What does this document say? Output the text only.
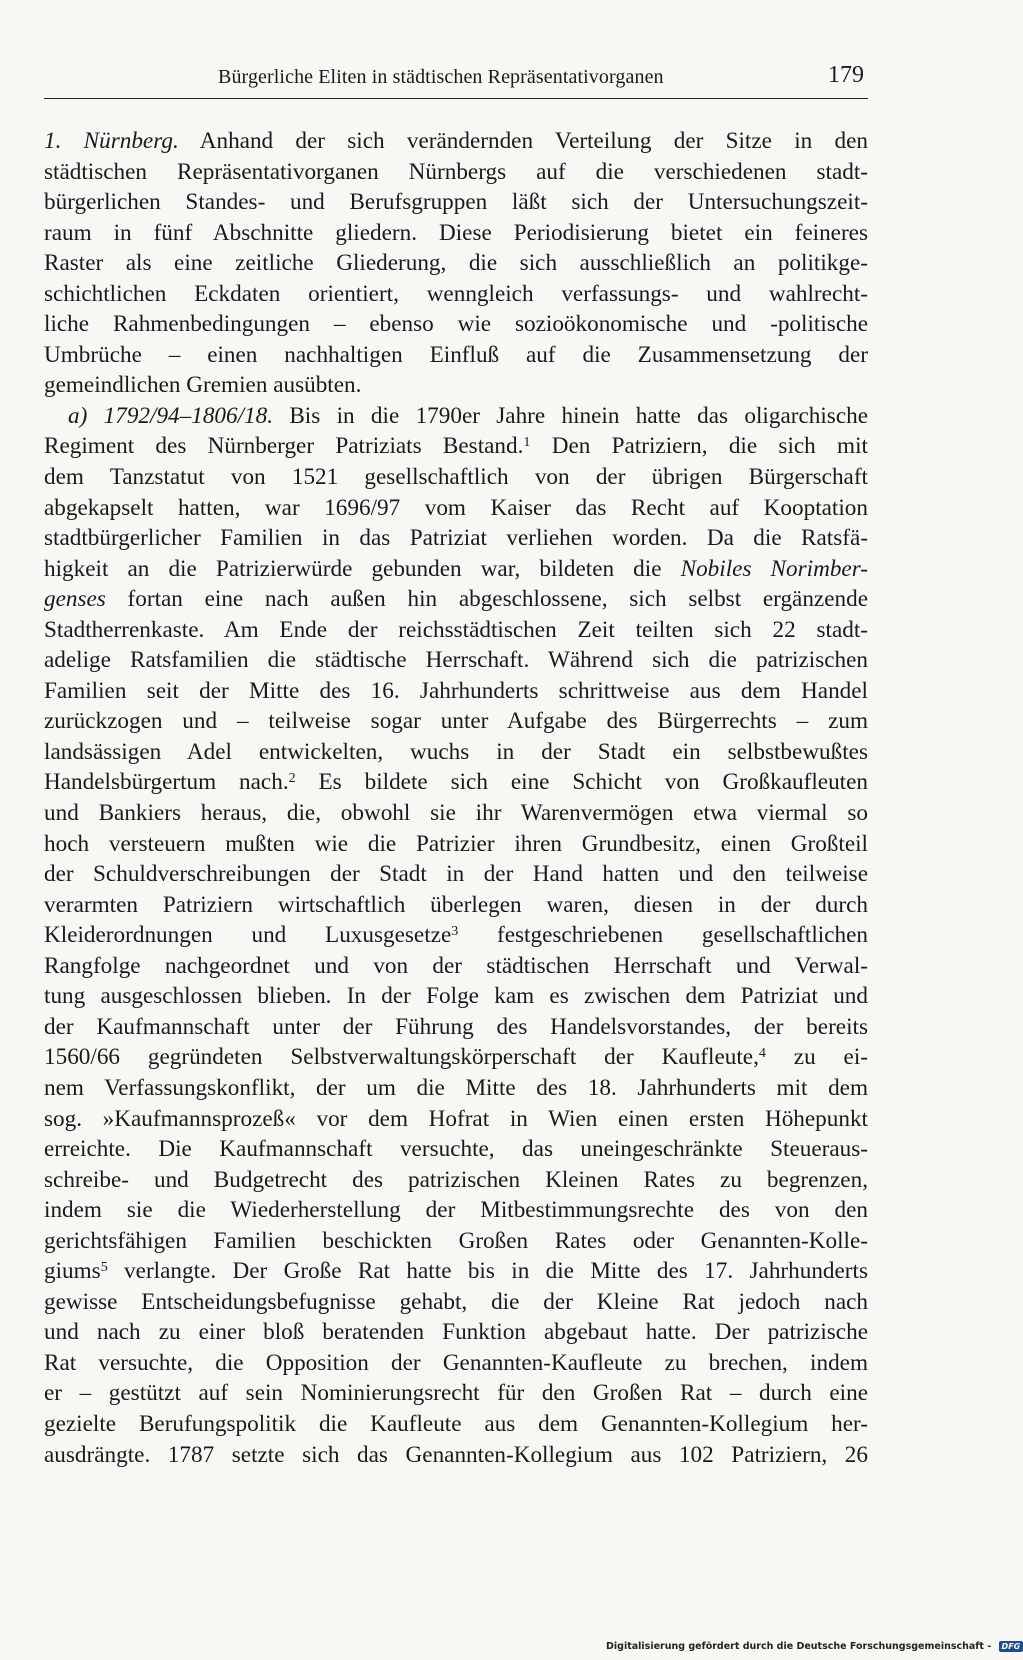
Bürgerliche Eliten in städtischen Repräsentativorganen	179
1. Nürnberg. Anhand der sich verändernden Verteilung der Sitze in den
städtischen Repräsentativorganen Nürnbergs auf die verschiedenen stadt-
bürgerlichen Standes- und Berufsgruppen läßt sich der Untersuchungszeit-
raum in fünf Abschnitte gliedern. Diese Periodisierung bietet ein feineres
Raster als eine zeitliche Gliederung, die sich ausschließlich an politikge-
schichtlichen Eckdaten orientiert, wenngleich verfassungs- und wahlrecht-
liche Rahmenbedingungen – ebenso wie sozioökonomische und -politische
Umbrüche – einen nachhaltigen Einfluß auf die Zusammensetzung der
gemeindlichen Gremien ausübten.
a) 1792/94–1806/18. Bis in die 1790er Jahre hinein hatte das oligarchische
Regiment des Nürnberger Patriziats Bestand.$^1$ Den Patriziern, die sich mit
dem Tanzstatut von 1521 gesellschaftlich von der übrigen Bürgerschaft
abgekapselt hatten, war 1696/97 vom Kaiser das Recht auf Kooptation
stadtbürgerlicher Familien in das Patriziat verliehen worden. Da die Ratsfä-
higkeit an die Patrizierwürde gebunden war, bildeten die Nobiles Norimber-
genses fortan eine nach außen hin abgeschlossene, sich selbst ergänzende
Stadtherrenkaste. Am Ende der reichsstädtischen Zeit teilten sich 22 stadt-
adelige Ratsfamilien die städtische Herrschaft. Während sich die patrizischen
Familien seit der Mitte des 16. Jahrhunderts schrittweise aus dem Handel
zurückzogen und – teilweise sogar unter Aufgabe des Bürgerrechts – zum
landsässigen Adel entwickelten, wuchs in der Stadt ein selbstbewußtes
Handelsbürgertum nach.$^2$ Es bildete sich eine Schicht von Großkaufleuten
und Bankiers heraus, die, obwohl sie ihr Warenvermögen etwa viermal so
hoch versteuern mußten wie die Patrizier ihren Grundbesitz, einen Großteil
der Schuldverschreibungen der Stadt in der Hand hatten und den teilweise
verarmten Patriziern wirtschaftlich überlegen waren, diesen in der durch
Kleiderordnungen und Luxusgesetze$^3$ festgeschriebenen gesellschaftlichen
Rangfolge nachgeordnet und von der städtischen Herrschaft und Verwal-
tung ausgeschlossen blieben. In der Folge kam es zwischen dem Patriziat und
der Kaufmannschaft unter der Führung des Handelsvorstandes, der bereits
1560/66 gegründeten Selbstverwaltungskörperschaft der Kaufleute,$^4$ zu ei-
nem Verfassungskonflikt, der um die Mitte des 18. Jahrhunderts mit dem
sog. »Kaufmannsprozeß« vor dem Hofrat in Wien einen ersten Höhepunkt
erreichte. Die Kaufmannschaft versuchte, das uneingeschränkte Steueraus-
schreibe- und Budgetrecht des patrizischen Kleinen Rates zu begrenzen,
indem sie die Wiederherstellung der Mitbestimmungsrechte des von den
gerichtsfähigen Familien beschickten Großen Rates oder Genannten-Kolle-
giums$^5$ verlangte. Der Große Rat hatte bis in die Mitte des 17. Jahrhunderts
gewisse Entscheidungsbefugnisse gehabt, die der Kleine Rat jedoch nach
und nach zu einer bloß beratenden Funktion abgebaut hatte. Der patrizische
Rat versuchte, die Opposition der Genannten-Kaufleute zu brechen, indem
er – gestützt auf sein Nominierungsrecht für den Großen Rat – durch eine
gezielte Berufungspolitik die Kaufleute aus dem Genannten-Kollegium her-
ausdrängte. 1787 setzte sich das Genannten-Kollegium aus 102 Patriziern, 26
Digitalisierung gefördert durch die Deutsche Forschungsgemeinschaft - DFG
